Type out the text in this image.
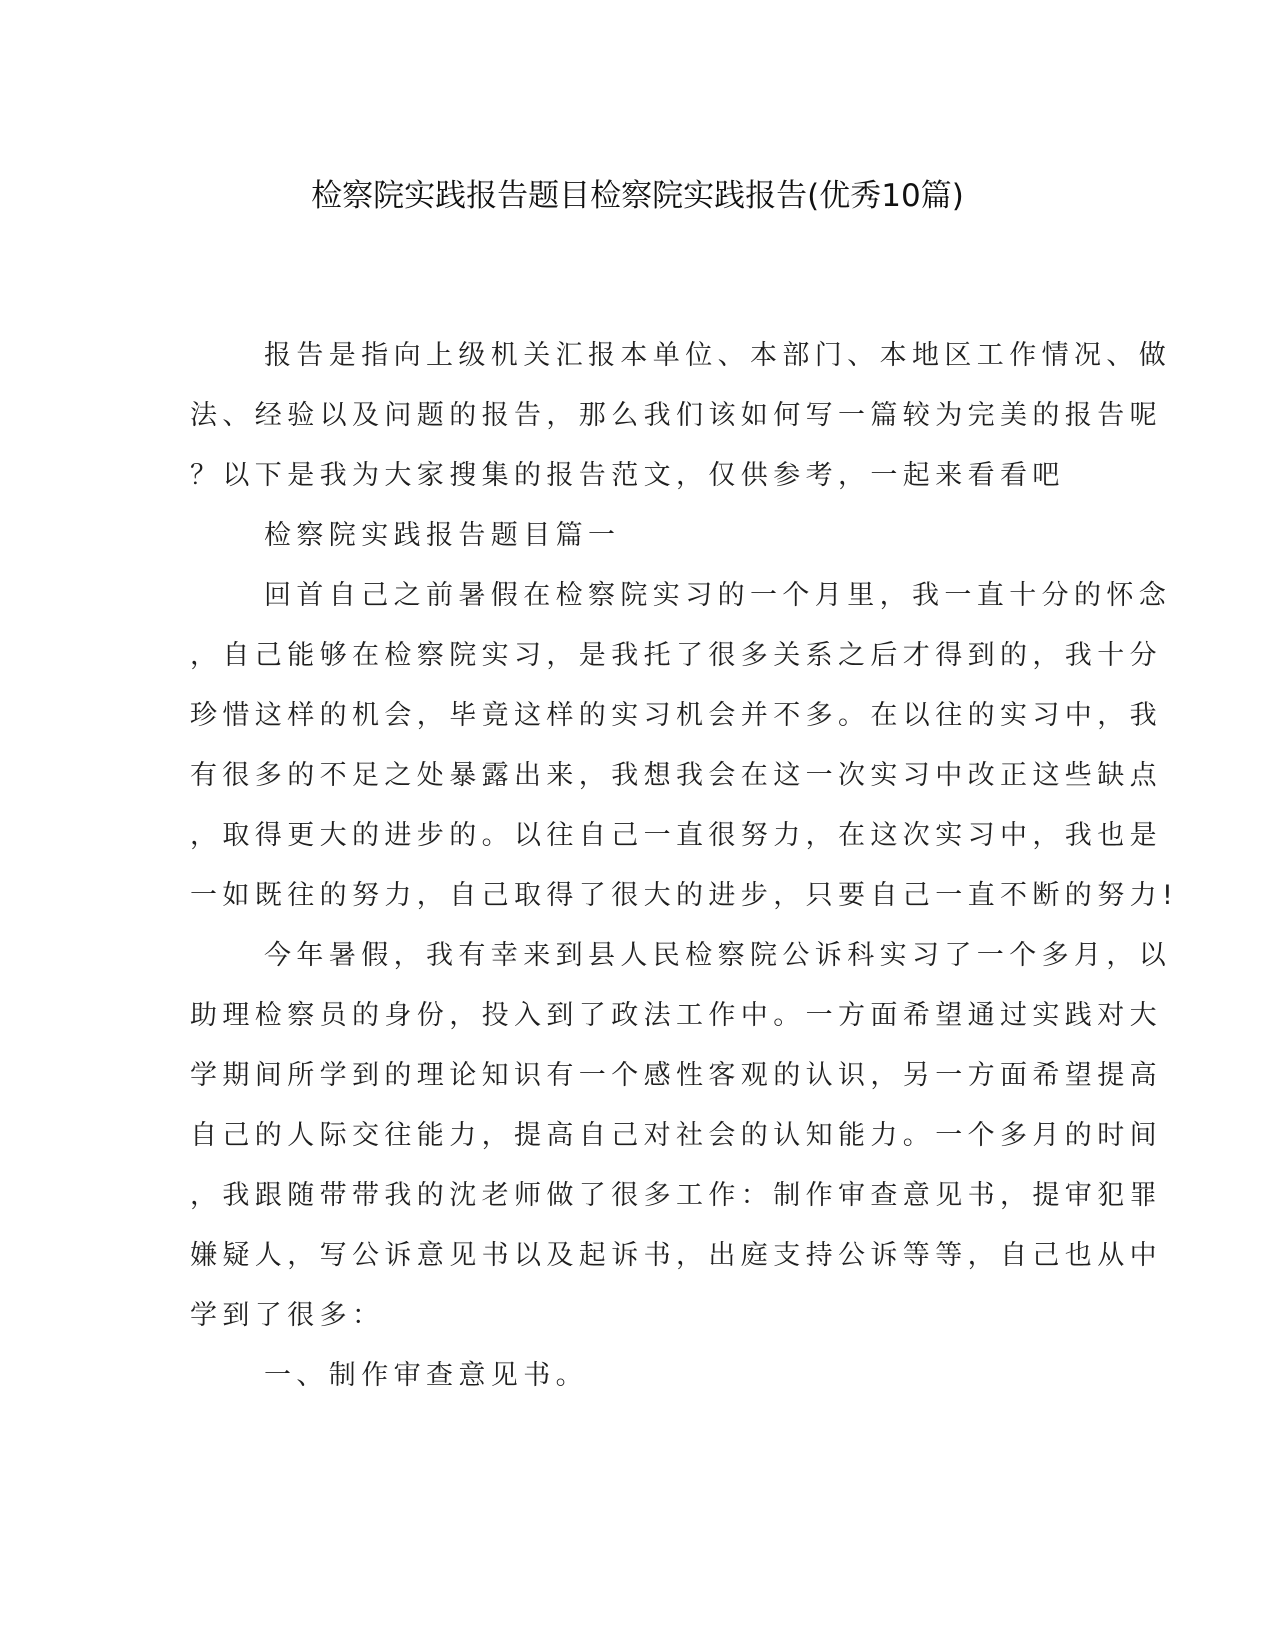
检察院实践报告题目检察院实践报告(优秀10篇)
报告是指向上级机关汇报本单位、本部门、本地区工作情况、做
法、经验以及问题的报告，那么我们该如何写一篇较为完美的报告呢
？以下是我为大家搜集的报告范文，仅供参考，一起来看看吧
检察院实践报告题目篇一
回首自己之前暑假在检察院实习的一个月里，我一直十分的怀念
，自己能够在检察院实习，是我托了很多关系之后才得到的，我十分
珍惜这样的机会，毕竟这样的实习机会并不多。在以往的实习中，我
有很多的不足之处暴露出来，我想我会在这一次实习中改正这些缺点
，取得更大的进步的。以往自己一直很努力，在这次实习中，我也是
一如既往的努力，自己取得了很大的进步，只要自己一直不断的努力!
今年暑假，我有幸来到县人民检察院公诉科实习了一个多月，以
助理检察员的身份，投入到了政法工作中。一方面希望通过实践对大
学期间所学到的理论知识有一个感性客观的认识，另一方面希望提高
自己的人际交往能力，提高自己对社会的认知能力。一个多月的时间
，我跟随带带我的沈老师做了很多工作：制作审查意见书，提审犯罪
嫌疑人，写公诉意见书以及起诉书，出庭支持公诉等等，自己也从中
学到了很多：
一、制作审查意见书。
